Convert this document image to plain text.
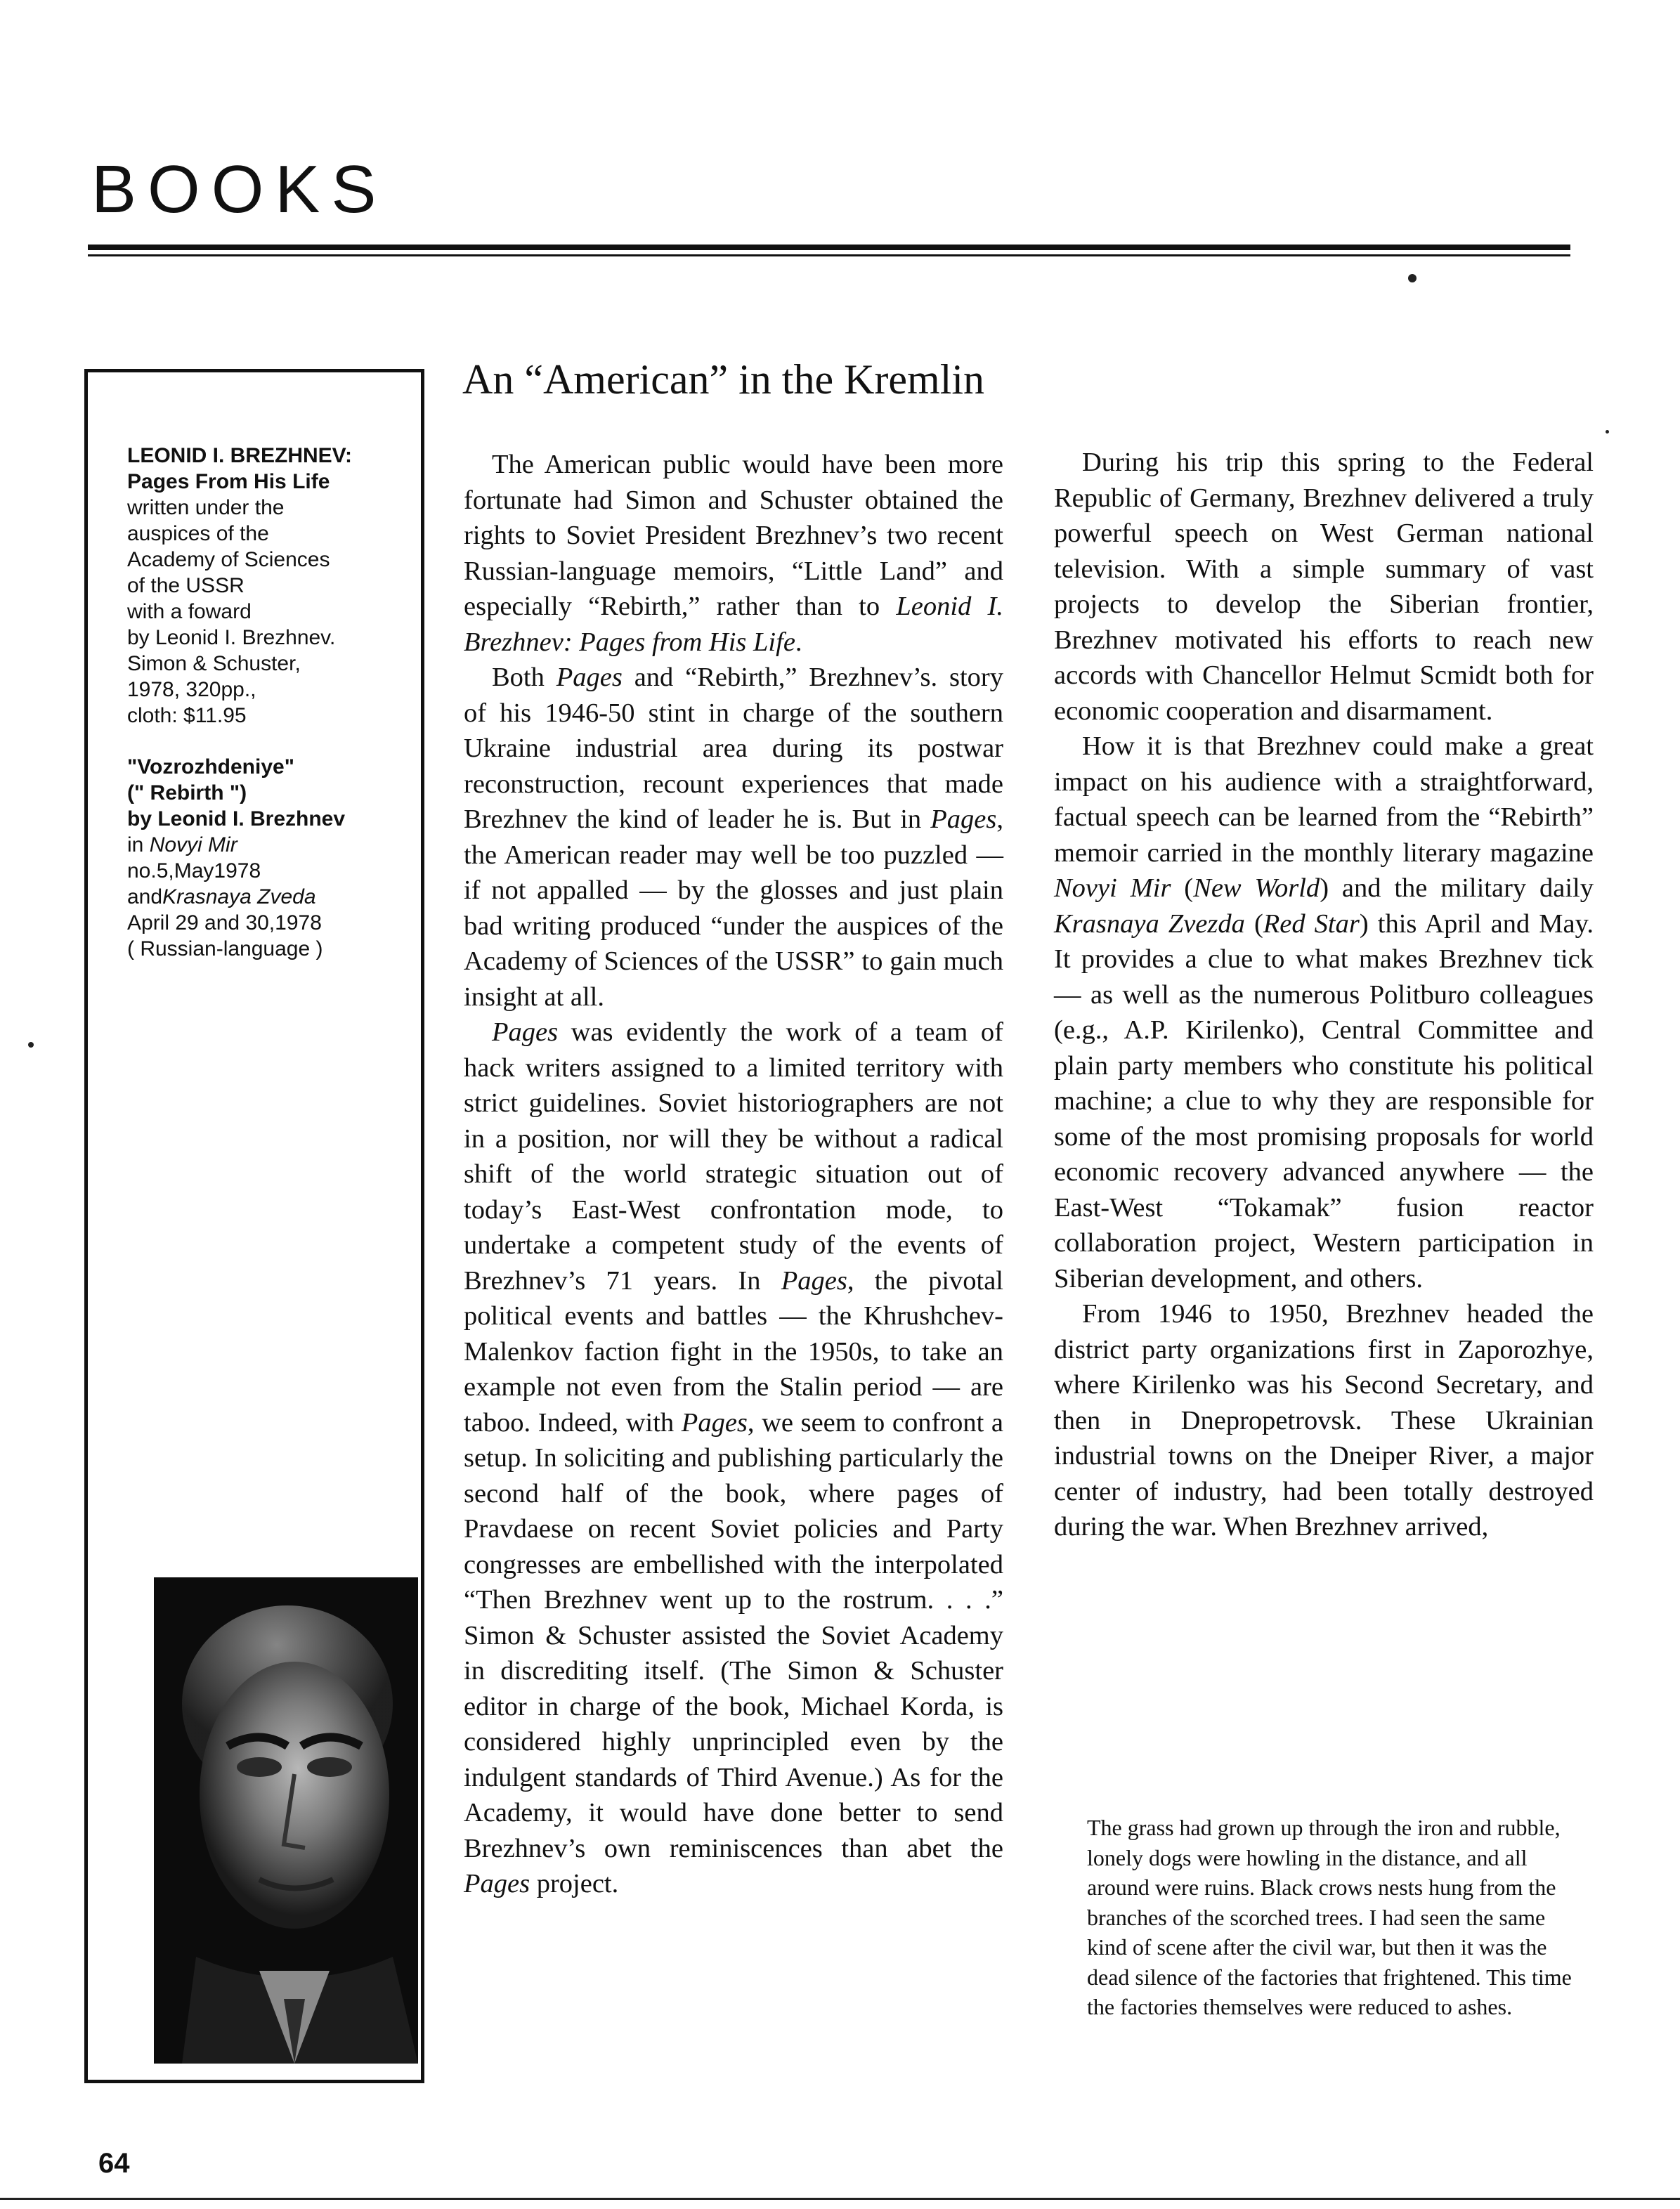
BOOKS
LEONID I. BREZHNEV:
Pages From His Life
written under the
auspices of the
Academy of Sciences
of the USSR
with a foward
by Leonid I. Brezhnev.
Simon & Schuster,
1978, 320pp.,
cloth: $11.95
"Vozrozhdeniye"
(" Rebirth ")
by Leonid I. Brezhnev
in Novyi Mir
no.5,May1978
andKrasnaya Zveda
April 29 and 30,1978
( Russian-language )
An “American” in the Kremlin

The American public would have been more fortunate had Simon and Schuster obtained the rights to Soviet President Brezhnev’s two recent Russian-language memoirs, “Little Land” and especially “Rebirth,” rather than to Leonid I. Brezhnev: Pages from His Life.

Both Pages and “Rebirth,” Brezhnev’s. story of his 1946-50 stint in charge of the southern Ukraine industrial area during its postwar reconstruction, recount experiences that made Brezhnev the kind of leader he is. But in Pages, the American reader may well be too puzzled — if not appalled — by the glosses and just plain bad writing produced “under the auspices of the Academy of Sciences of the USSR” to gain much insight at all.

Pages was evidently the work of a team of hack writers assigned to a limited territory with strict guidelines. Soviet historiographers are not in a position, nor will they be without a radical shift of the world strategic situation out of today’s East-West confrontation mode, to undertake a competent study of the events of Brezhnev’s 71 years. In Pages, the pivotal political events and battles — the Khrushchev-Malenkov faction fight in the 1950s, to take an example not even from the Stalin period — are taboo. Indeed, with Pages, we seem to confront a setup. In soliciting and publishing particularly the second half of the book, where pages of Pravdaese on recent Soviet policies and Party congresses are embellished with the interpolated “Then Brezhnev went up to the rostrum. . . .” Simon & Schuster assisted the Soviet Academy in discrediting itself. (The Simon & Schuster editor in charge of the book, Michael Korda, is considered highly unprincipled even by the indulgent standards of Third Avenue.) As for the Academy, it would have done better to send Brezhnev’s own reminiscences than abet the Pages project.

During his trip this spring to the Federal Republic of Germany, Brezhnev delivered a truly powerful speech on West German national television. With a simple summary of vast projects to develop the Siberian frontier, Brezhnev motivated his efforts to reach new accords with Chancellor Helmut Scmidt both for economic cooperation and disarmament.

How it is that Brezhnev could make a great impact on his audience with a straightforward, factual speech can be learned from the “Rebirth” memoir carried in the monthly literary magazine Novyi Mir (New World) and the military daily Krasnaya Zvezda (Red Star) this April and May. It provides a clue to what makes Brezhnev tick — as well as the numerous Politburo colleagues (e.g., A.P. Kirilenko), Central Committee and plain party members who constitute his political machine; a clue to why they are responsible for some of the most promising proposals for world economic recovery advanced anywhere — the East-West “Tokamak” fusion reactor collaboration project, Western participation in Siberian development, and others.

From 1946 to 1950, Brezhnev headed the district party organizations first in Zaporozhye, where Kirilenko was his Second Secretary, and then in Dnepropetrovsk. These Ukrainian industrial towns on the Dneiper River, a major center of industry, had been totally destroyed during the war. When Brezhnev arrived,

The grass had grown up through the iron and rubble, lonely dogs were howling in the distance, and all around were ruins. Black crows nests hung from the branches of the scorched trees. I had seen the same kind of scene after the civil war, but then it was the dead silence of the factories that frightened. This time the factories themselves were reduced to ashes.

64
